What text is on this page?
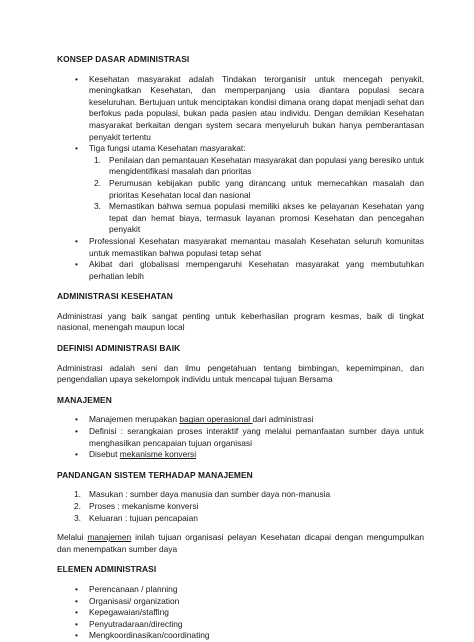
KONSEP DASAR ADMINISTRASI
• Kesehatan masyarakat adalah Tindakan terorganisir untuk mencegah penyakit, meningkatkan Kesehatan, dan memperpanjang usia diantara populasi secara keseluruhan. Bertujuan untuk menciptakan kondisi dimana orang dapat menjadi sehat dan berfokus pada populasi, bukan pada pasien atau individu. Dengan demikian Kesehatan masyarakat berkaitan dengan system secara menyeluruh bukan hanya pemberantasan penyakit tertentu
• Tiga fungsi utama Kesehatan masyarakat:
1. Penilaian dan pemantauan Kesehatan masyarakat dan populasi yang beresiko untuk mengidentifikasi masalah dan prioritas
2. Perumusan kebijakan public yang dirancang untuk memecahkan masalah dan prioritas Kesehatan local dan nasional
3. Memastikan bahwa semua populasi memiliki akses ke pelayanan Kesehatan yang tepat dan hemat biaya, termasuk layanan promosi Kesehatan dan pencegahan penyakit
• Professional Kesehatan masyarakat memantau masalah Kesehatan seluruh komunitas untuk memastikan bahwa populasi tetap sehat
• Akibat dari globalisasi mempengaruhi Kesehatan masyarakat yang membutuhkan perhatian lebih
ADMINISTRASI KESEHATAN
Administrasi yang baik sangat penting untuk keberhasilan program kesmas, baik di tingkat nasional, menengah maupun local
DEFINISI ADMINISTRASI BAIK
Administrasi adalah seni dan ilmu pengetahuan tentang bimbingan, kepemimpinan, dan pengendalian upaya sekelompok individu untuk mencapai tujuan Bersama
MANAJEMEN
• Manajemen merupakan bagian operasional dari administrasi
• Definisi : serangkaian proses interaktif yang melalui pemanfaatan sumber daya untuk menghasilkan pencapaian tujuan organisasi
• Disebut mekanisme konversi
PANDANGAN SISTEM TERHADAP MANAJEMEN
1. Masukan : sumber daya manusia dan sumber daya non-manusia
2. Proses : mekanisme konversi
3. Keluaran : tujuan pencapaian
Melalui manajemen inilah tujuan organisasi pelayan Kesehatan dicapai dengan mengumpulkan dan menempatkan sumber daya
ELEMEN ADMINISTRASI
• Perencanaan / planning
• Organisasi/ organization
• Kepegawaian/staffing
• Penyutradaraan/directing
• Mengkoordinasikan/coordinating
